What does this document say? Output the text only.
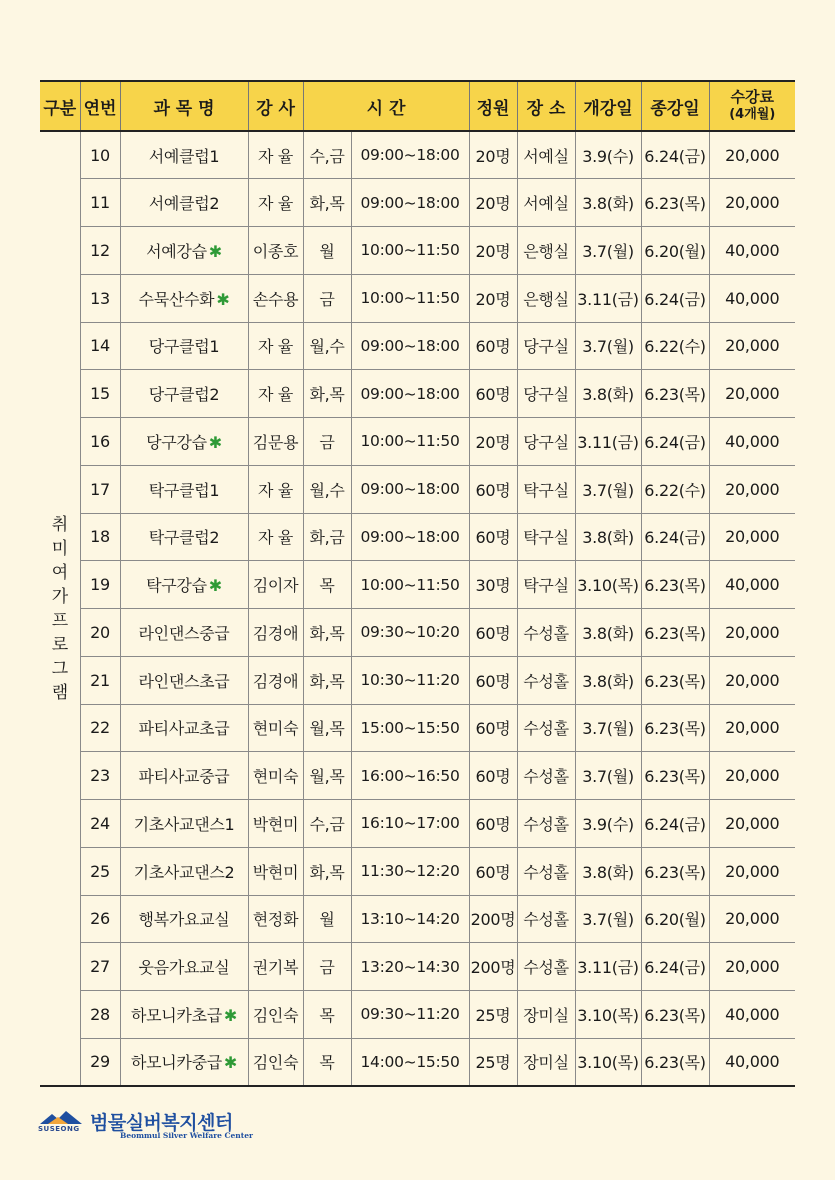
구분	연번	과 목 명	강 사	시 간		정원	장 소	개강일	종강일	수강료
(4개월)

취미여가 프로그램	10	서예클럽1	자 율	수,금	09:00~18:00	20명	서예실	3.9(수)	6.24(금)	20,000
	11	서예클럽2	자 율	화,목	09:00~18:00	20명	서예실	3.8(화)	6.23(목)	20,000
	12	서예강습 ✱	이종호	월	10:00~11:50	20명	은행실	3.7(월)	6.20(월)	40,000
	13	수묵산수화 ✱	손수용	금	10:00~11:50	20명	은행실	3.11(금)	6.24(금)	40,000
	14	당구클럽1	자 율	월,수	09:00~18:00	60명	당구실	3.7(월)	6.22(수)	20,000
	15	당구클럽2	자 율	화,목	09:00~18:00	60명	당구실	3.8(화)	6.23(목)	20,000
	16	당구강습 ✱	김문용	금	10:00~11:50	20명	당구실	3.11(금)	6.24(금)	40,000
	17	탁구클럽1	자 율	월,수	09:00~18:00	60명	탁구실	3.7(월)	6.22(수)	20,000
	18	탁구클럽2	자 율	화,금	09:00~18:00	60명	탁구실	3.8(화)	6.24(금)	20,000
	19	탁구강습 ✱	김이자	목	10:00~11:50	30명	탁구실	3.10(목)	6.23(목)	40,000
	20	라인댄스중급	김경애	화,목	09:30~10:20	60명	수성홀	3.8(화)	6.23(목)	20,000
	21	라인댄스초급	김경애	화,목	10:30~11:20	60명	수성홀	3.8(화)	6.23(목)	20,000
	22	파티사교초급	현미숙	월,목	15:00~15:50	60명	수성홀	3.7(월)	6.23(목)	20,000
	23	파티사교중급	현미숙	월,목	16:00~16:50	60명	수성홀	3.7(월)	6.23(목)	20,000
	24	기초사교댄스1	박현미	수,금	16:10~17:00	60명	수성홀	3.9(수)	6.24(금)	20,000
	25	기초사교댄스2	박현미	화,목	11:30~12:20	60명	수성홀	3.8(화)	6.23(목)	20,000
	26	행복가요교실	현정화	월	13:10~14:20	200명	수성홀	3.7(월)	6.20(월)	20,000
	27	웃음가요교실	권기복	금	13:20~14:30	200명	수성홀	3.11(금)	6.24(금)	20,000
	28	하모니카초급 ✱	김인숙	목	09:30~11:20	25명	장미실	3.10(목)	6.23(목)	40,000
	29	하모니카중급 ✱	김인숙	목	14:00~15:50	25명	장미실	3.10(목)	6.23(목)	40,000
SUSEONG 범물실버복지센터
Beommul Silver Welfare Center
